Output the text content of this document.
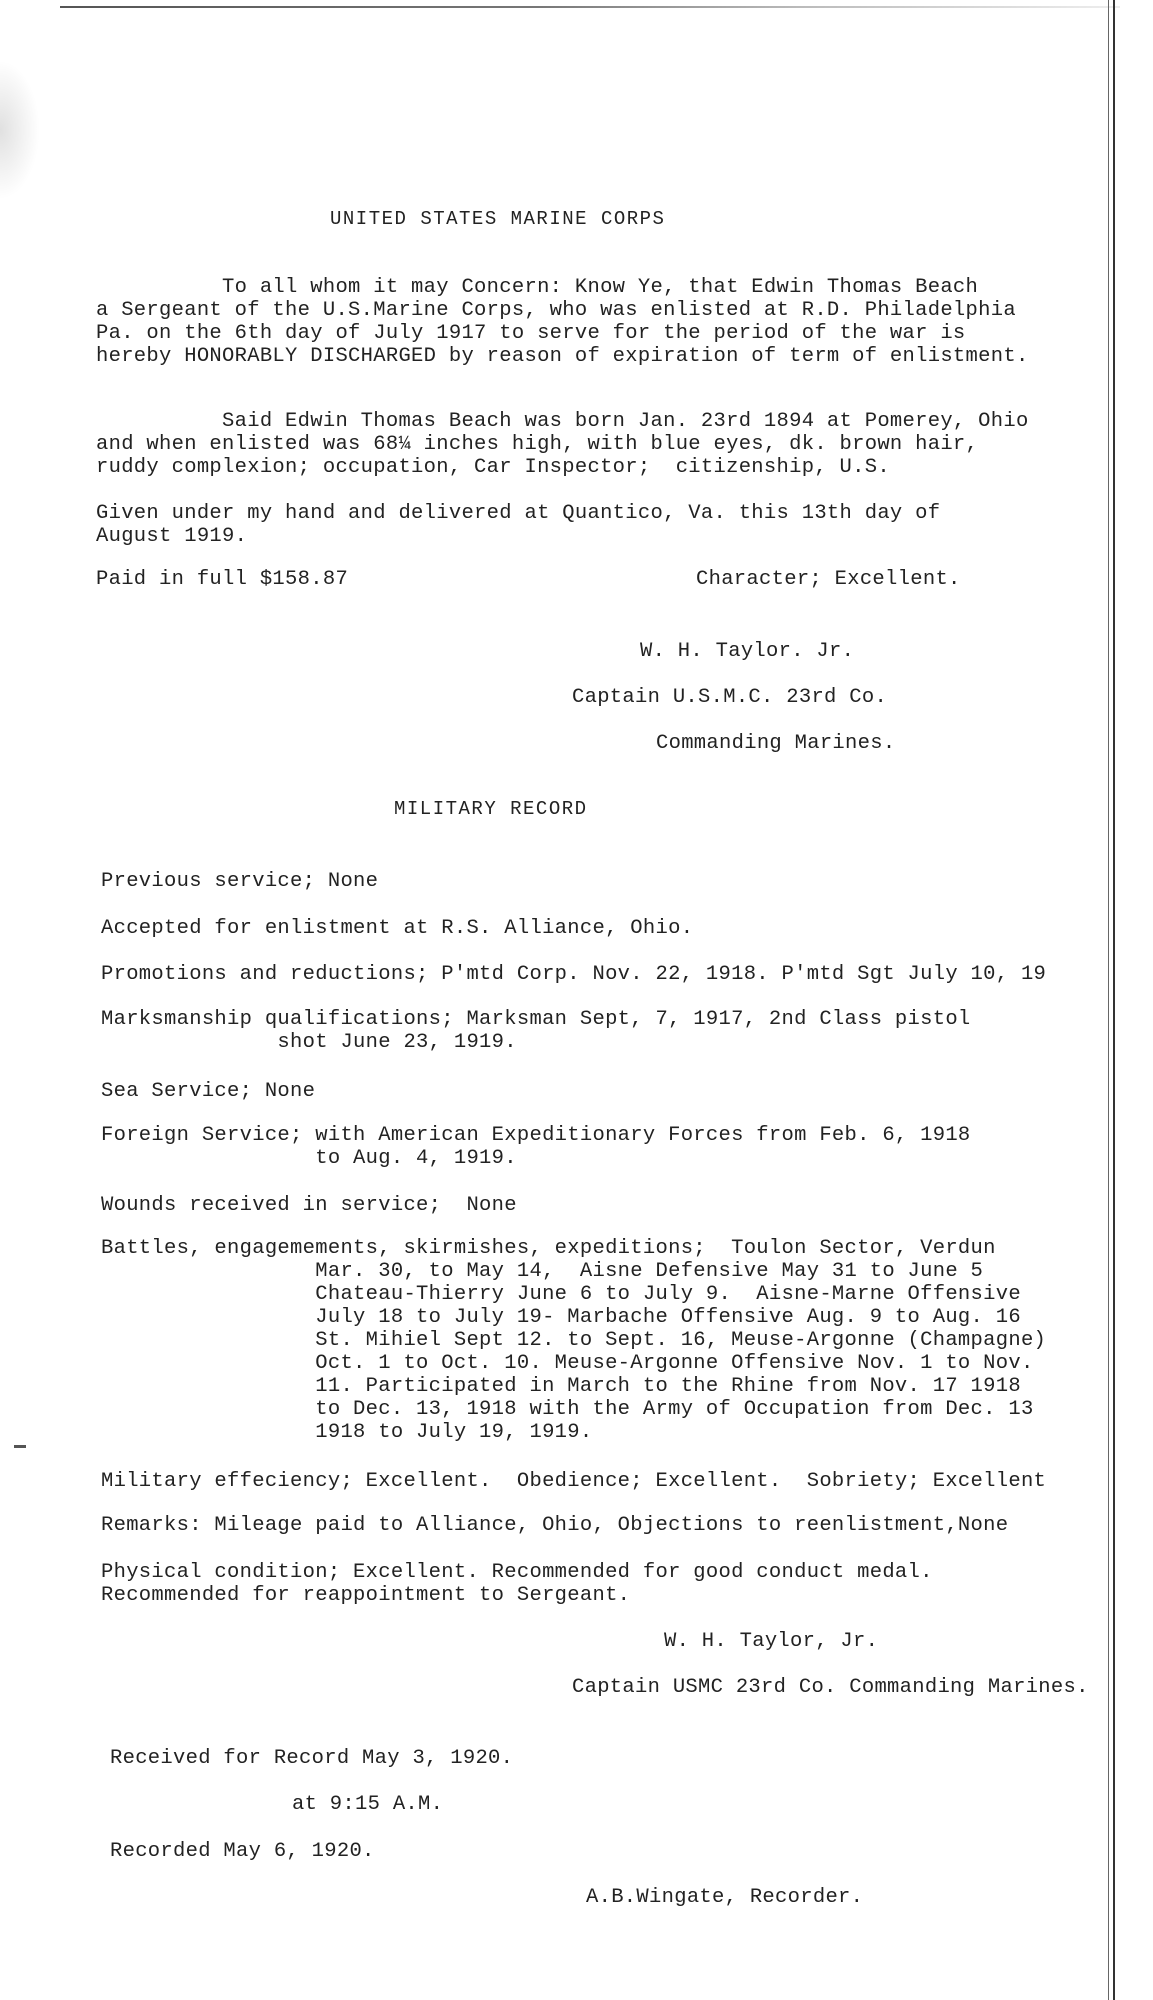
UNITED STATES MARINE CORPS
To all whom it may Concern: Know Ye, that Edwin Thomas Beach
a Sergeant of the U.S.Marine Corps, who was enlisted at R.D. Philadelphia
Pa. on the 6th day of July 1917 to serve for the period of the war is
hereby HONORABLY DISCHARGED by reason of expiration of term of enlistment.
Said Edwin Thomas Beach was born Jan. 23rd 1894 at Pomerey, Ohio
and when enlisted was 68¼ inches high, with blue eyes, dk. brown hair,
ruddy complexion; occupation, Car Inspector;  citizenship, U.S.
Given under my hand and delivered at Quantico, Va. this 13th day of
August 1919.
Paid in full $158.87	Character; Excellent.
W. H. Taylor. Jr.
Captain U.S.M.C. 23rd Co.
Commanding Marines.
MILITARY RECORD
Previous service; None
Accepted for enlistment at R.S. Alliance, Ohio.
Promotions and reductions; P'mtd Corp. Nov. 22, 1918. P'mtd Sgt July 10, 19
Marksmanship qualifications; Marksman Sept, 7, 1917, 2nd Class pistol
shot June 23, 1919.
Sea Service; None
Foreign Service; with American Expeditionary Forces from Feb. 6, 1918
to Aug. 4, 1919.
Wounds received in service;  None
Battles, engagemements, skirmishes, expeditions;  Toulon Sector, Verdun
Mar. 30, to May 14,  Aisne Defensive May 31 to June 5
Chateau-Thierry June 6 to July 9.  Aisne-Marne Offensive
July 18 to July 19- Marbache Offensive Aug. 9 to Aug. 16
St. Mihiel Sept 12. to Sept. 16, Meuse-Argonne (Champagne)
Oct. 1 to Oct. 10. Meuse-Argonne Offensive Nov. 1 to Nov.
11. Participated in March to the Rhine from Nov. 17 1918
to Dec. 13, 1918 with the Army of Occupation from Dec. 13
1918 to July 19, 1919.
Military effeciency; Excellent.  Obedience; Excellent.  Sobriety; Excellent
Remarks: Mileage paid to Alliance, Ohio, Objections to reenlistment,None
Physical condition; Excellent. Recommended for good conduct medal.
Recommended for reappointment to Sergeant.
W. H. Taylor, Jr.
Captain USMC 23rd Co. Commanding Marines.
Received for Record May 3, 1920.
at 9:15 A.M.
Recorded May 6, 1920.
A.B.Wingate, Recorder.
